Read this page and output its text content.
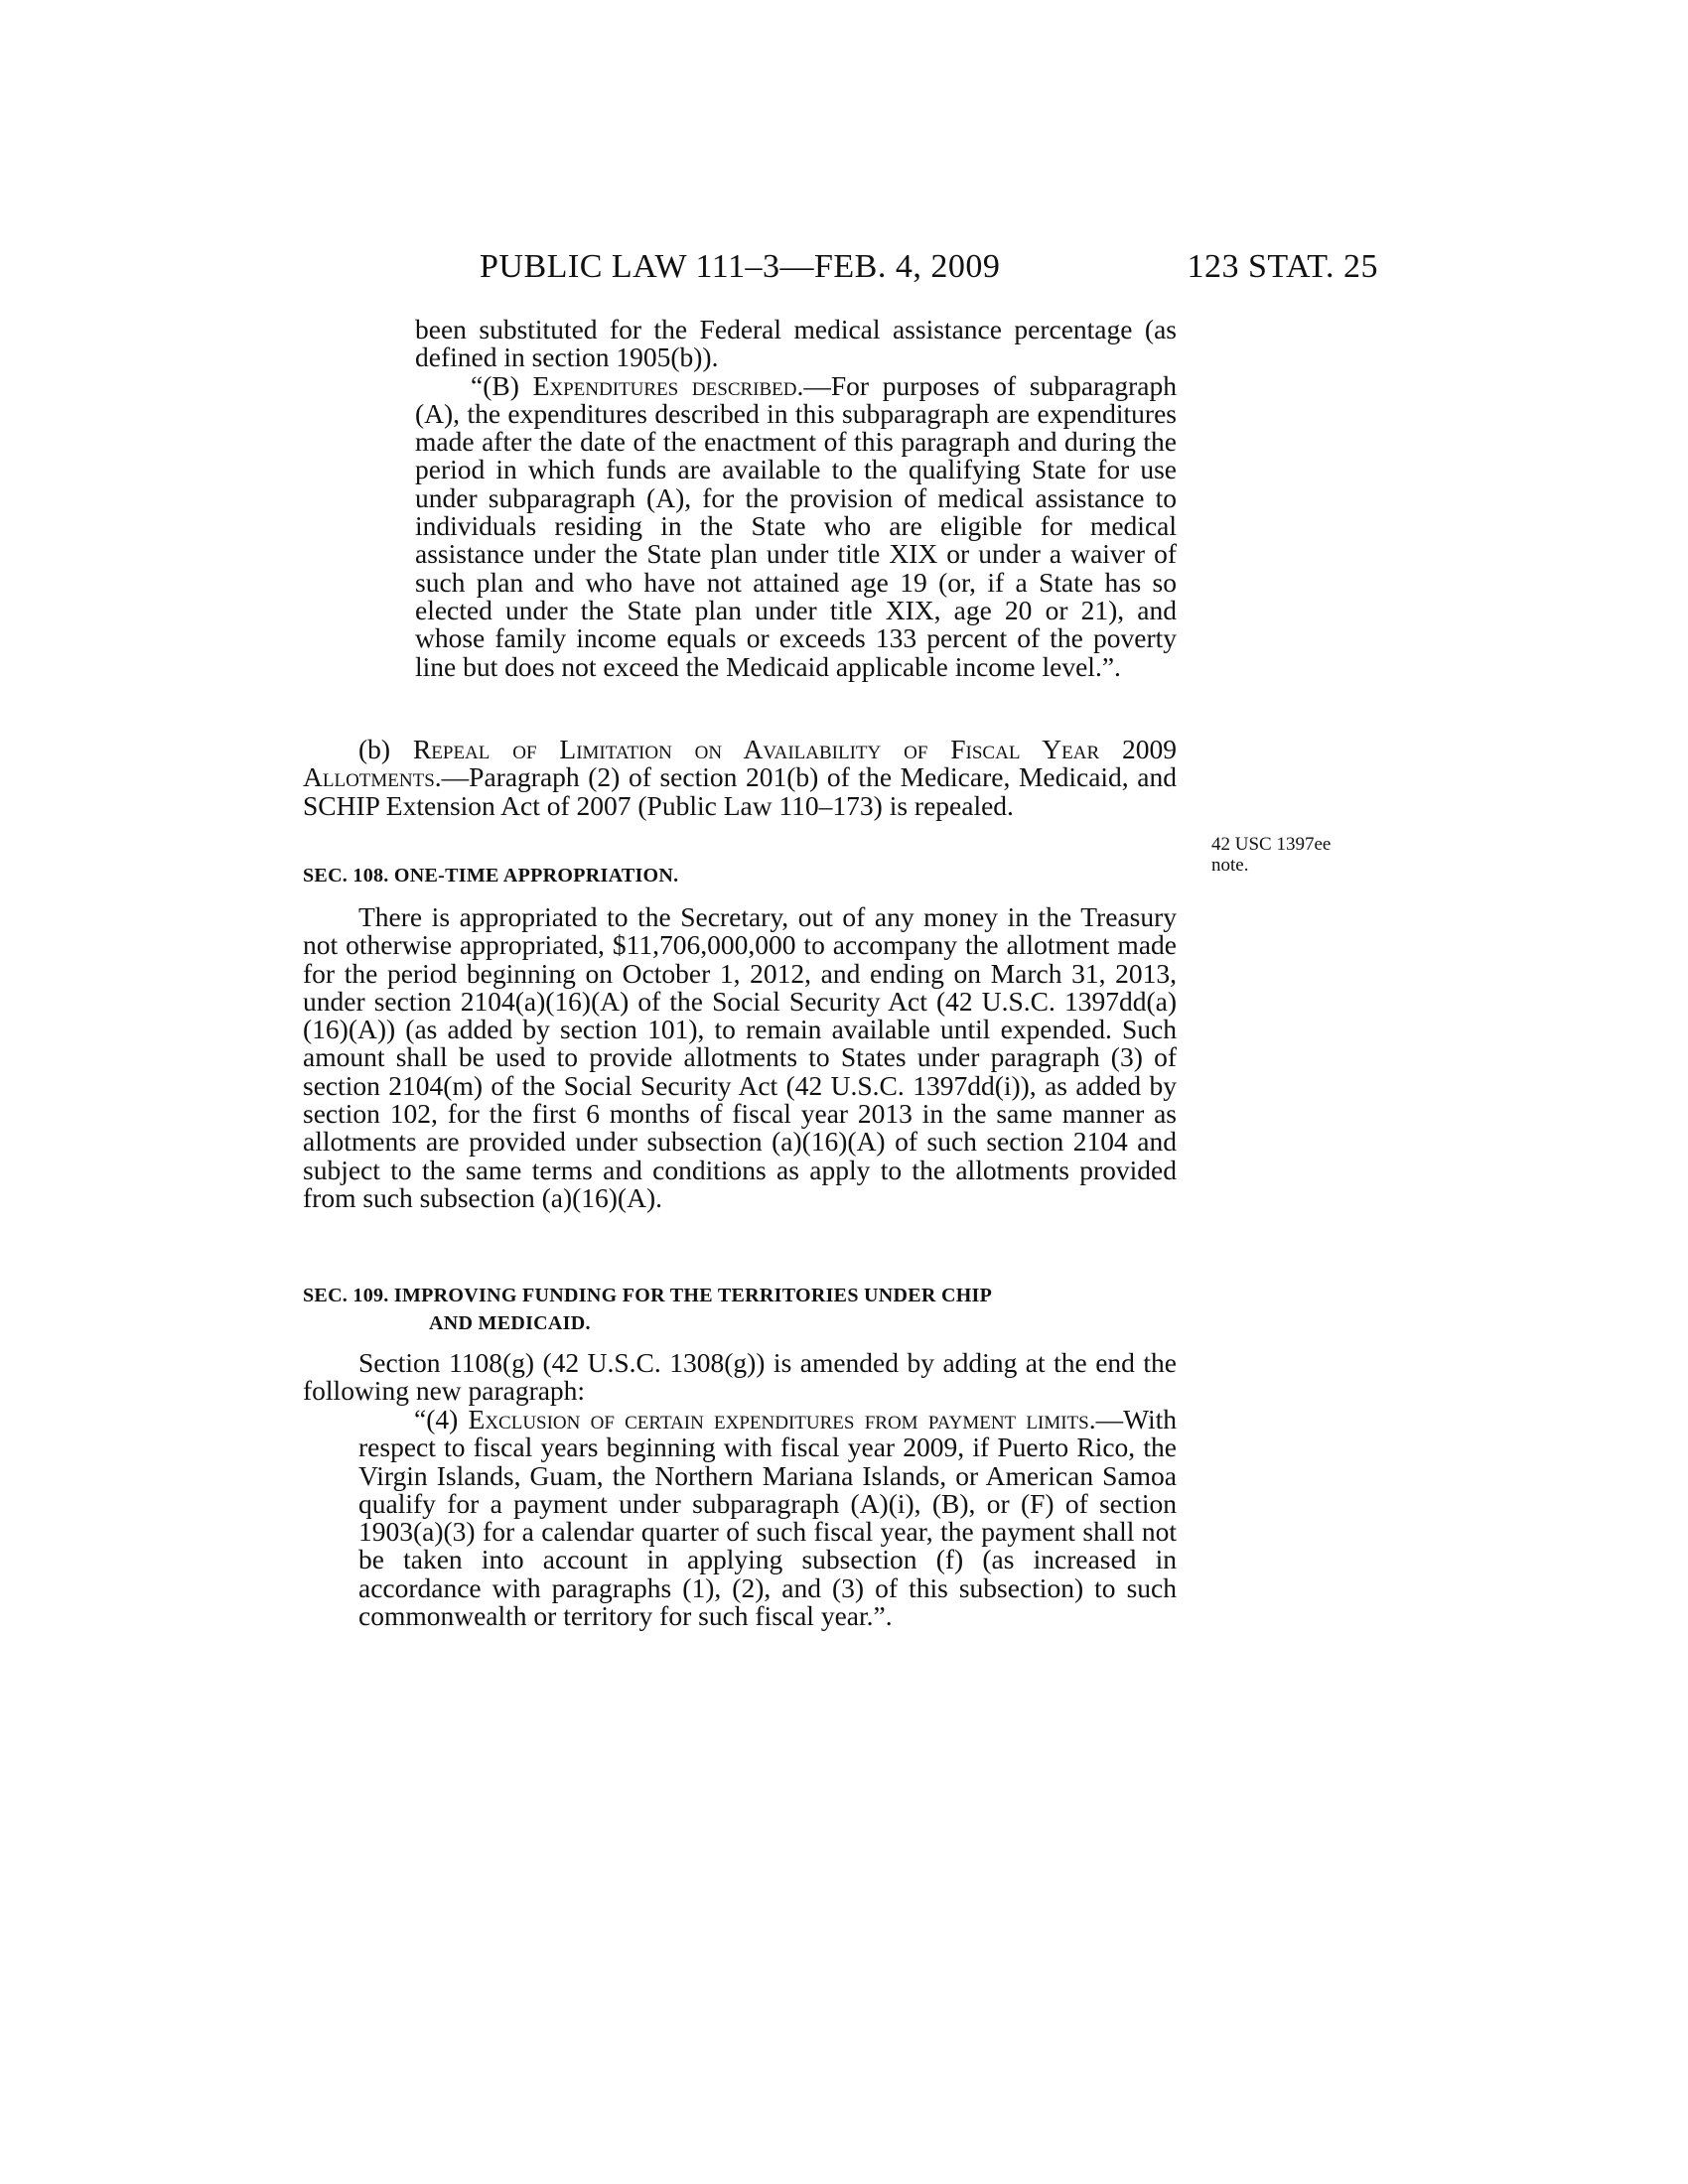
PUBLIC LAW 111–3—FEB. 4, 2009	123 STAT. 25

been substituted for the Federal medical assistance percentage (as defined in section 1905(b)).

“(B) Expenditures described.—For purposes of subparagraph (A), the expenditures described in this subparagraph are expenditures made after the date of the enactment of this paragraph and during the period in which funds are available to the qualifying State for use under subparagraph (A), for the provision of medical assistance to individuals residing in the State who are eligible for medical assistance under the State plan under title XIX or under a waiver of such plan and who have not attained age 19 (or, if a State has so elected under the State plan under title XIX, age 20 or 21), and whose family income equals or exceeds 133 percent of the poverty line but does not exceed the Medicaid applicable income level.”.

(b) Repeal of Limitation on Availability of Fiscal Year 2009 Allotments.—Paragraph (2) of section 201(b) of the Medicare, Medicaid, and SCHIP Extension Act of 2007 (Public Law 110–173) is repealed.

SEC. 108. ONE-TIME APPROPRIATION.

There is appropriated to the Secretary, out of any money in the Treasury not otherwise appropriated, $11,706,000,000 to accompany the allotment made for the period beginning on October 1, 2012, and ending on March 31, 2013, under section 2104(a)(16)(A) of the Social Security Act (42 U.S.C. 1397dd(a)(16)(A)) (as added by section 101), to remain available until expended. Such amount shall be used to provide allotments to States under paragraph (3) of section 2104(m) of the Social Security Act (42 U.S.C. 1397dd(i)), as added by section 102, for the first 6 months of fiscal year 2013 in the same manner as allotments are provided under subsection (a)(16)(A) of such section 2104 and subject to the same terms and conditions as apply to the allotments provided from such subsection (a)(16)(A).

SEC. 109. IMPROVING FUNDING FOR THE TERRITORIES UNDER CHIP
AND MEDICAID.

Section 1108(g) (42 U.S.C. 1308(g)) is amended by adding at the end the following new paragraph:

“(4) Exclusion of certain expenditures from payment limits.—With respect to fiscal years beginning with fiscal year 2009, if Puerto Rico, the Virgin Islands, Guam, the Northern Mariana Islands, or American Samoa qualify for a payment under subparagraph (A)(i), (B), or (F) of section 1903(a)(3) for a calendar quarter of such fiscal year, the payment shall not be taken into account in applying subsection (f) (as increased in accordance with paragraphs (1), (2), and (3) of this subsection) to such commonwealth or territory for such fiscal year.”.

42 USC 1397ee
note.
